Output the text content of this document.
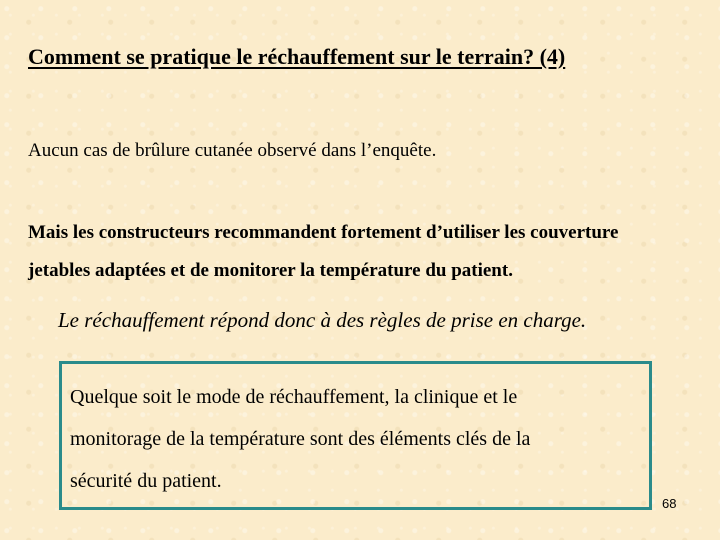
Comment se pratique le réchauffement sur le terrain? (4)
Aucun cas de brûlure cutanée observé dans l’enquête.
Mais les constructeurs recommandent fortement d’utiliser les couverture
jetables adaptées et de monitorer la température du patient.
Le réchauffement répond donc à des règles de prise en charge.
Quelque soit le mode de réchauffement, la clinique et le
monitorage de la température sont des éléments clés de la
sécurité du patient.
68
